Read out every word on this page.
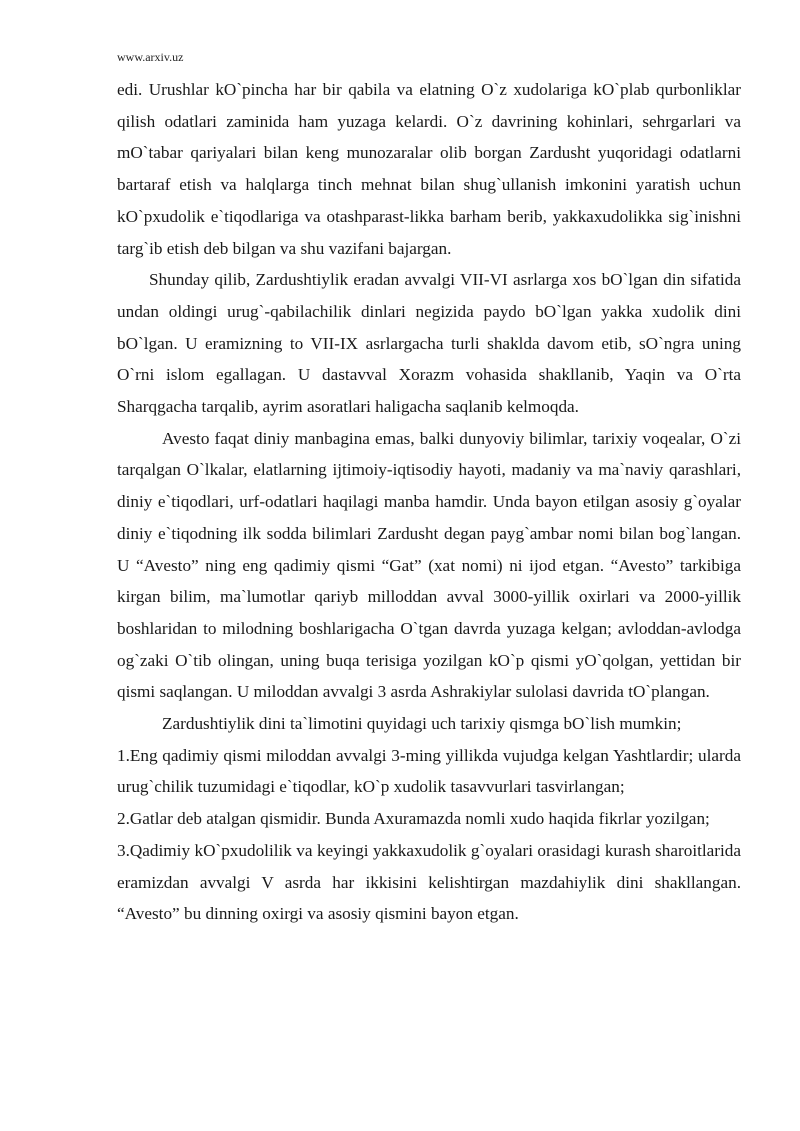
www.arxiv.uz

edi. Urushlar kO`pincha har bir qabila va elatning O`z xudolariga kO`plab qurbonliklar qilish odatlari zaminida ham yuzaga kelardi. O`z davrining kohinlari, sehrgarlari va mO`tabar qariyalari bilan keng munozaralar olib borgan Zardusht yuqoridagi odatlarni bartaraf etish va halqlarga tinch mehnat bilan shug`ullanish imkonini yaratish uchun kO`pxudolik e`tiqodlariga va otashparast-likka barham berib, yakkaxudolikka sig`inishni targ`ib etish deb bilgan va shu vazifani bajargan.

Shunday qilib, Zardushtiylik eradan avvalgi VII-VI asrlarga xos bO`lgan din sifatida undan oldingi urug`-qabilachilik dinlari negizida paydo bO`lgan yakka xudolik dini bO`lgan. U eramizning to VII-IX asrlargacha turli shaklda davom etib, sO`ngra uning O`rni islom egallagan. U dastavval Xorazm vohasida shakllanib, Yaqin va O`rta Sharqgacha tarqalib, ayrim asoratlari haligacha saqlanib kelmoqda.

Avesto faqat diniy manbagina emas, balki dunyoviy bilimlar, tarixiy voqealar, O`zi tarqalgan O`lkalar, elatlarning ijtimoiy-iqtisodiy hayoti, madaniy va ma`naviy qarashlari, diniy e`tiqodlari, urf-odatlari haqilagi manba hamdir. Unda bayon etilgan asosiy g`oyalar diniy e`tiqodning ilk sodda bilimlari Zardusht degan payg`ambar nomi bilan bog`langan. U “Avesto” ning eng qadimiy qismi “Gat” (xat nomi) ni ijod etgan. “Avesto” tarkibiga kirgan bilim, ma`lumotlar qariyb milloddan avval 3000-yillik oxirlari va 2000-yillik boshlaridan to milodning boshlarigacha O`tgan davrda yuzaga kelgan; avloddan-avlodga og`zaki O`tib olingan, uning buqa terisiga yozilgan kO`p qismi yO`qolgan, yettidan bir qismi saqlangan. U miloddan avvalgi 3 asrda Ashrakiylar sulolasi davrida tO`plangan.

Zardushtiylik dini ta`limotini quyidagi uch tarixiy qismga bO`lish mumkin;

1.Eng qadimiy qismi miloddan avvalgi 3-ming yillikda vujudga kelgan Yashtlardir; ularda urug`chilik tuzumidagi e`tiqodlar, kO`p xudolik tasavvurlari tasvirlangan;

2.Gatlar deb atalgan qismidir. Bunda Axuramazda nomli xudo haqida fikrlar yozilgan;

3.Qadimiy kO`pxudolilik va keyingi yakkaxudolik g`oyalari orasidagi kurash sharoitlarida eramizdan avvalgi V asrda har ikkisini kelishtirgan mazdahiylik dini shakllangan. “Avesto” bu dinning oxirgi va asosiy qismini bayon etgan.
